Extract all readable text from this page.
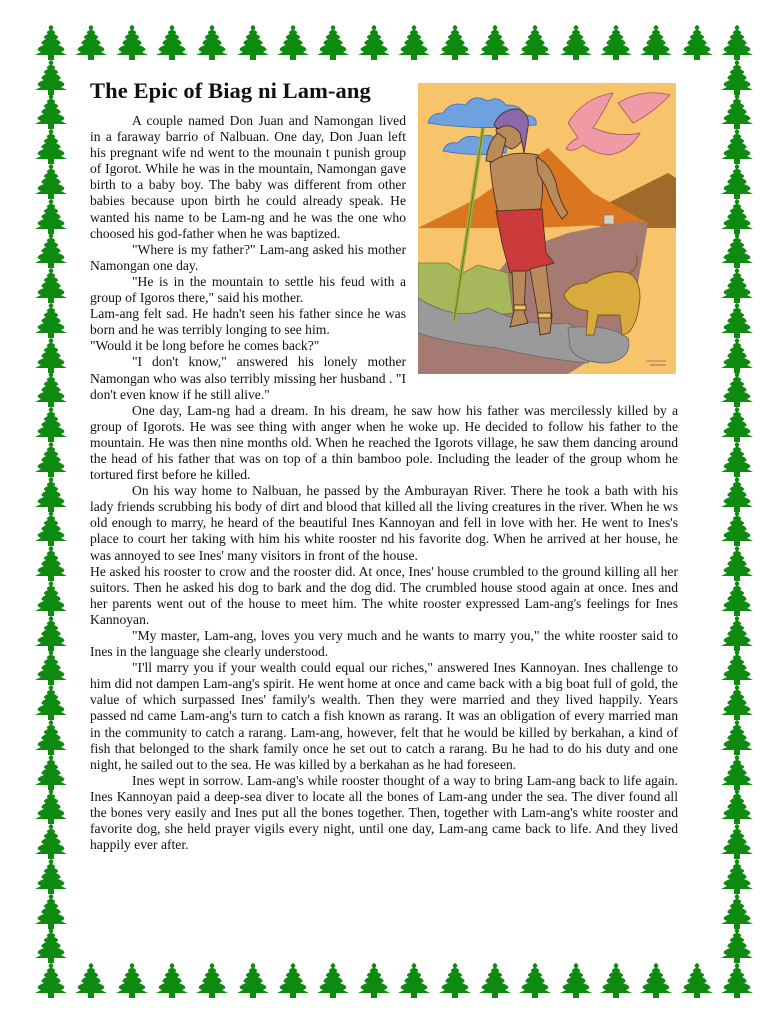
The Epic of Biag ni Lam-ang

A couple named Don Juan and Namongan lived in a faraway barrio of Nalbuan. One day, Don Juan left his pregnant wife nd went to the mounain t punish group of Igorot. While he was in the mountain, Namongan gave birth to a baby boy. The baby was different from other babies because upon birth he could already speak. He wanted his name to be Lam-ng and he was the one who choosed his god-father when he was baptized.

"Where is my father?" Lam-ang asked his mother Namongan one day.

"He is in the mountain to settle his feud with a group of Igoros there," said his mother.

Lam-ang felt sad. He hadn't seen his father since he was born and he was terribly longing to see him.

"Would it be long before he comes back?"

"I don't know," answered his lonely mother Namongan who was also terribly missing her husband . "I don't even know if he still alive."

One day, Lam-ng had a dream. In his dream, he saw how his father was mercilessly killed by a group of Igorots. He was see thing with anger when he woke up. He decided to follow his father to the mountain. He was then nine months old. When he reached the Igorots village, he saw them dancing around the head of his father that was on top of a thin bamboo pole. Including the leader of the group whom he tortured first before he killed.

On his way home to Nalbuan, he passed by the Amburayan River. There he took a bath with his lady friends scrubbing his body of dirt and blood that killed all the living creatures in the river. When he ws old enough to marry, he heard of the beautiful Ines Kannoyan and fell in love with her. He went to Ines's place to court her taking with him his white rooster nd his favorite dog. When he arrived at her house, he was annoyed to see Ines' many visitors in front of the house.

He asked his rooster to crow and the rooster did. At once, Ines' house crumbled to the ground killing all her suitors. Then he asked his dog to bark and the dog did. The crumbled house stood again at once. Ines and her parents went out of the house to meet him. The white rooster expressed Lam-ang's feelings for Ines Kannoyan.

"My master, Lam-ang, loves you very much and he wants to marry you," the white rooster said to Ines in the language she clearly understood.

"I'll marry you if your wealth could equal our riches," answered Ines Kannoyan. Ines challenge to him did not dampen Lam-ang's spirit. He went home at once and came back with a big boat full of gold, the value of which surpassed Ines' family's wealth. Then they were married and they lived happily. Years passed nd came Lam-ang's turn to catch a fish known as rarang. It was an obligation of every married man in the community to catch a rarang. Lam-ang, however, felt that he would be killed by berkahan, a kind of fish that belonged to the shark family once he set out to catch a rarang. Bu he had to do his duty and one night, he sailed out to the sea. He was killed by a berkahan as he had foreseen.

Ines wept in sorrow. Lam-ang's while rooster thought of a way to bring Lam-ang back to life again. Ines Kannoyan paid a deep-sea diver to locate all the bones of Lam-ang under the sea. The diver found all the bones very easily and Ines put all the bones together. Then, together with Lam-ang's white rooster and favorite dog, she held prayer vigils every night, until one day, Lam-ang came back to life. And they lived happily ever after.
